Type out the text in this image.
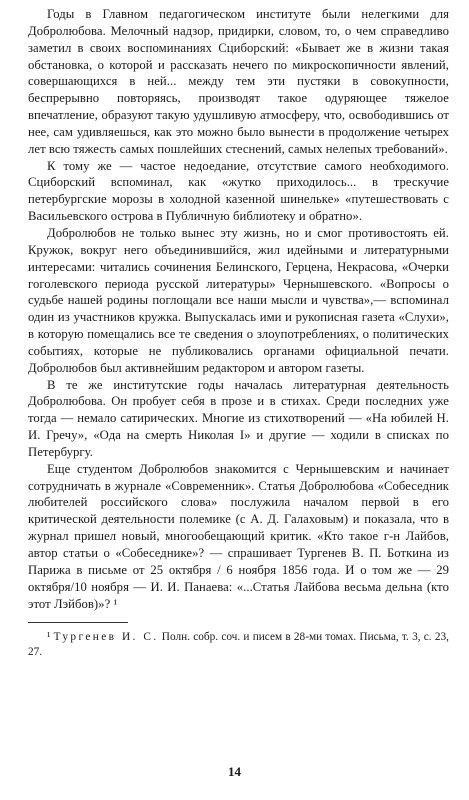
Годы в Главном педагогическом институте были нелегкими для Добролюбова. Мелочный надзор, придирки, словом, то, о чем справедливо заметил в своих воспоминаниях Сциборский: «Бывает же в жизни такая обстановка, о которой и рассказать нечего по микроскопичности явлений, совершающихся в ней... между тем эти пустяки в совокупности, беспрерывно повторяясь, производят такое одуряющее тяжелое впечатление, образуют такую удушливую атмосферу, что, освободившись от нее, сам удивляешься, как это можно было вынести в продолжение четырех лет всю тяжесть самых пошлейших стеснений, самых нелепых требований».

К тому же — частое недоедание, отсутствие самого необходимого. Сциборский вспоминал, как «жутко приходилось... в трескучие петербургские морозы в холодной казенной шинельке» «путешествовать с Васильевского острова в Публичную библиотеку и обратно».

Добролюбов не только вынес эту жизнь, но и смог противостоять ей. Кружок, вокруг него объединившийся, жил идейными и литературными интересами: читались сочинения Белинского, Герцена, Некрасова, «Очерки гоголевского периода русской литературы» Чернышевского. «Вопросы о судьбе нашей родины поглощали все наши мысли и чувства»,— вспоминал один из участников кружка. Выпускалась ими и рукописная газета «Слухи», в которую помещались все те сведения о злоупотреблениях, о политических событиях, которые не публиковались органами официальной печати. Добролюбов был активнейшим редактором и автором газеты.

В те же институтские годы началась литературная деятельность Добролюбова. Он пробует себя в прозе и в стихах. Среди последних уже тогда — немало сатирических. Многие из стихотворений — «На юбилей Н. И. Гречу», «Ода на смерть Николая I» и другие — ходили в списках по Петербургу.

Еще студентом Добролюбов знакомится с Чернышевским и начинает сотрудничать в журнале «Современник». Статья Добролюбова «Собеседник любителей российского слова» послужила началом первой в его критической деятельности полемике (с А. Д. Галаховым) и показала, что в журнал пришел новый, многообещающий критик. «Кто такое г-н Лайбов, автор статьи о «Собеседнике»? — спрашивает Тургенев В. П. Боткина из Парижа в письме от 25 октября / 6 ноября 1856 года. И о том же — 29 октября/10 ноября — И. И. Панаева: «...Статья Лайбова весьма дельна (кто этот Лэйбов)»? ¹

¹ Тургенев И. С. Полн. собр. соч. и писем в 28-ми томах. Письма, т. 3, с. 23, 27.

14
